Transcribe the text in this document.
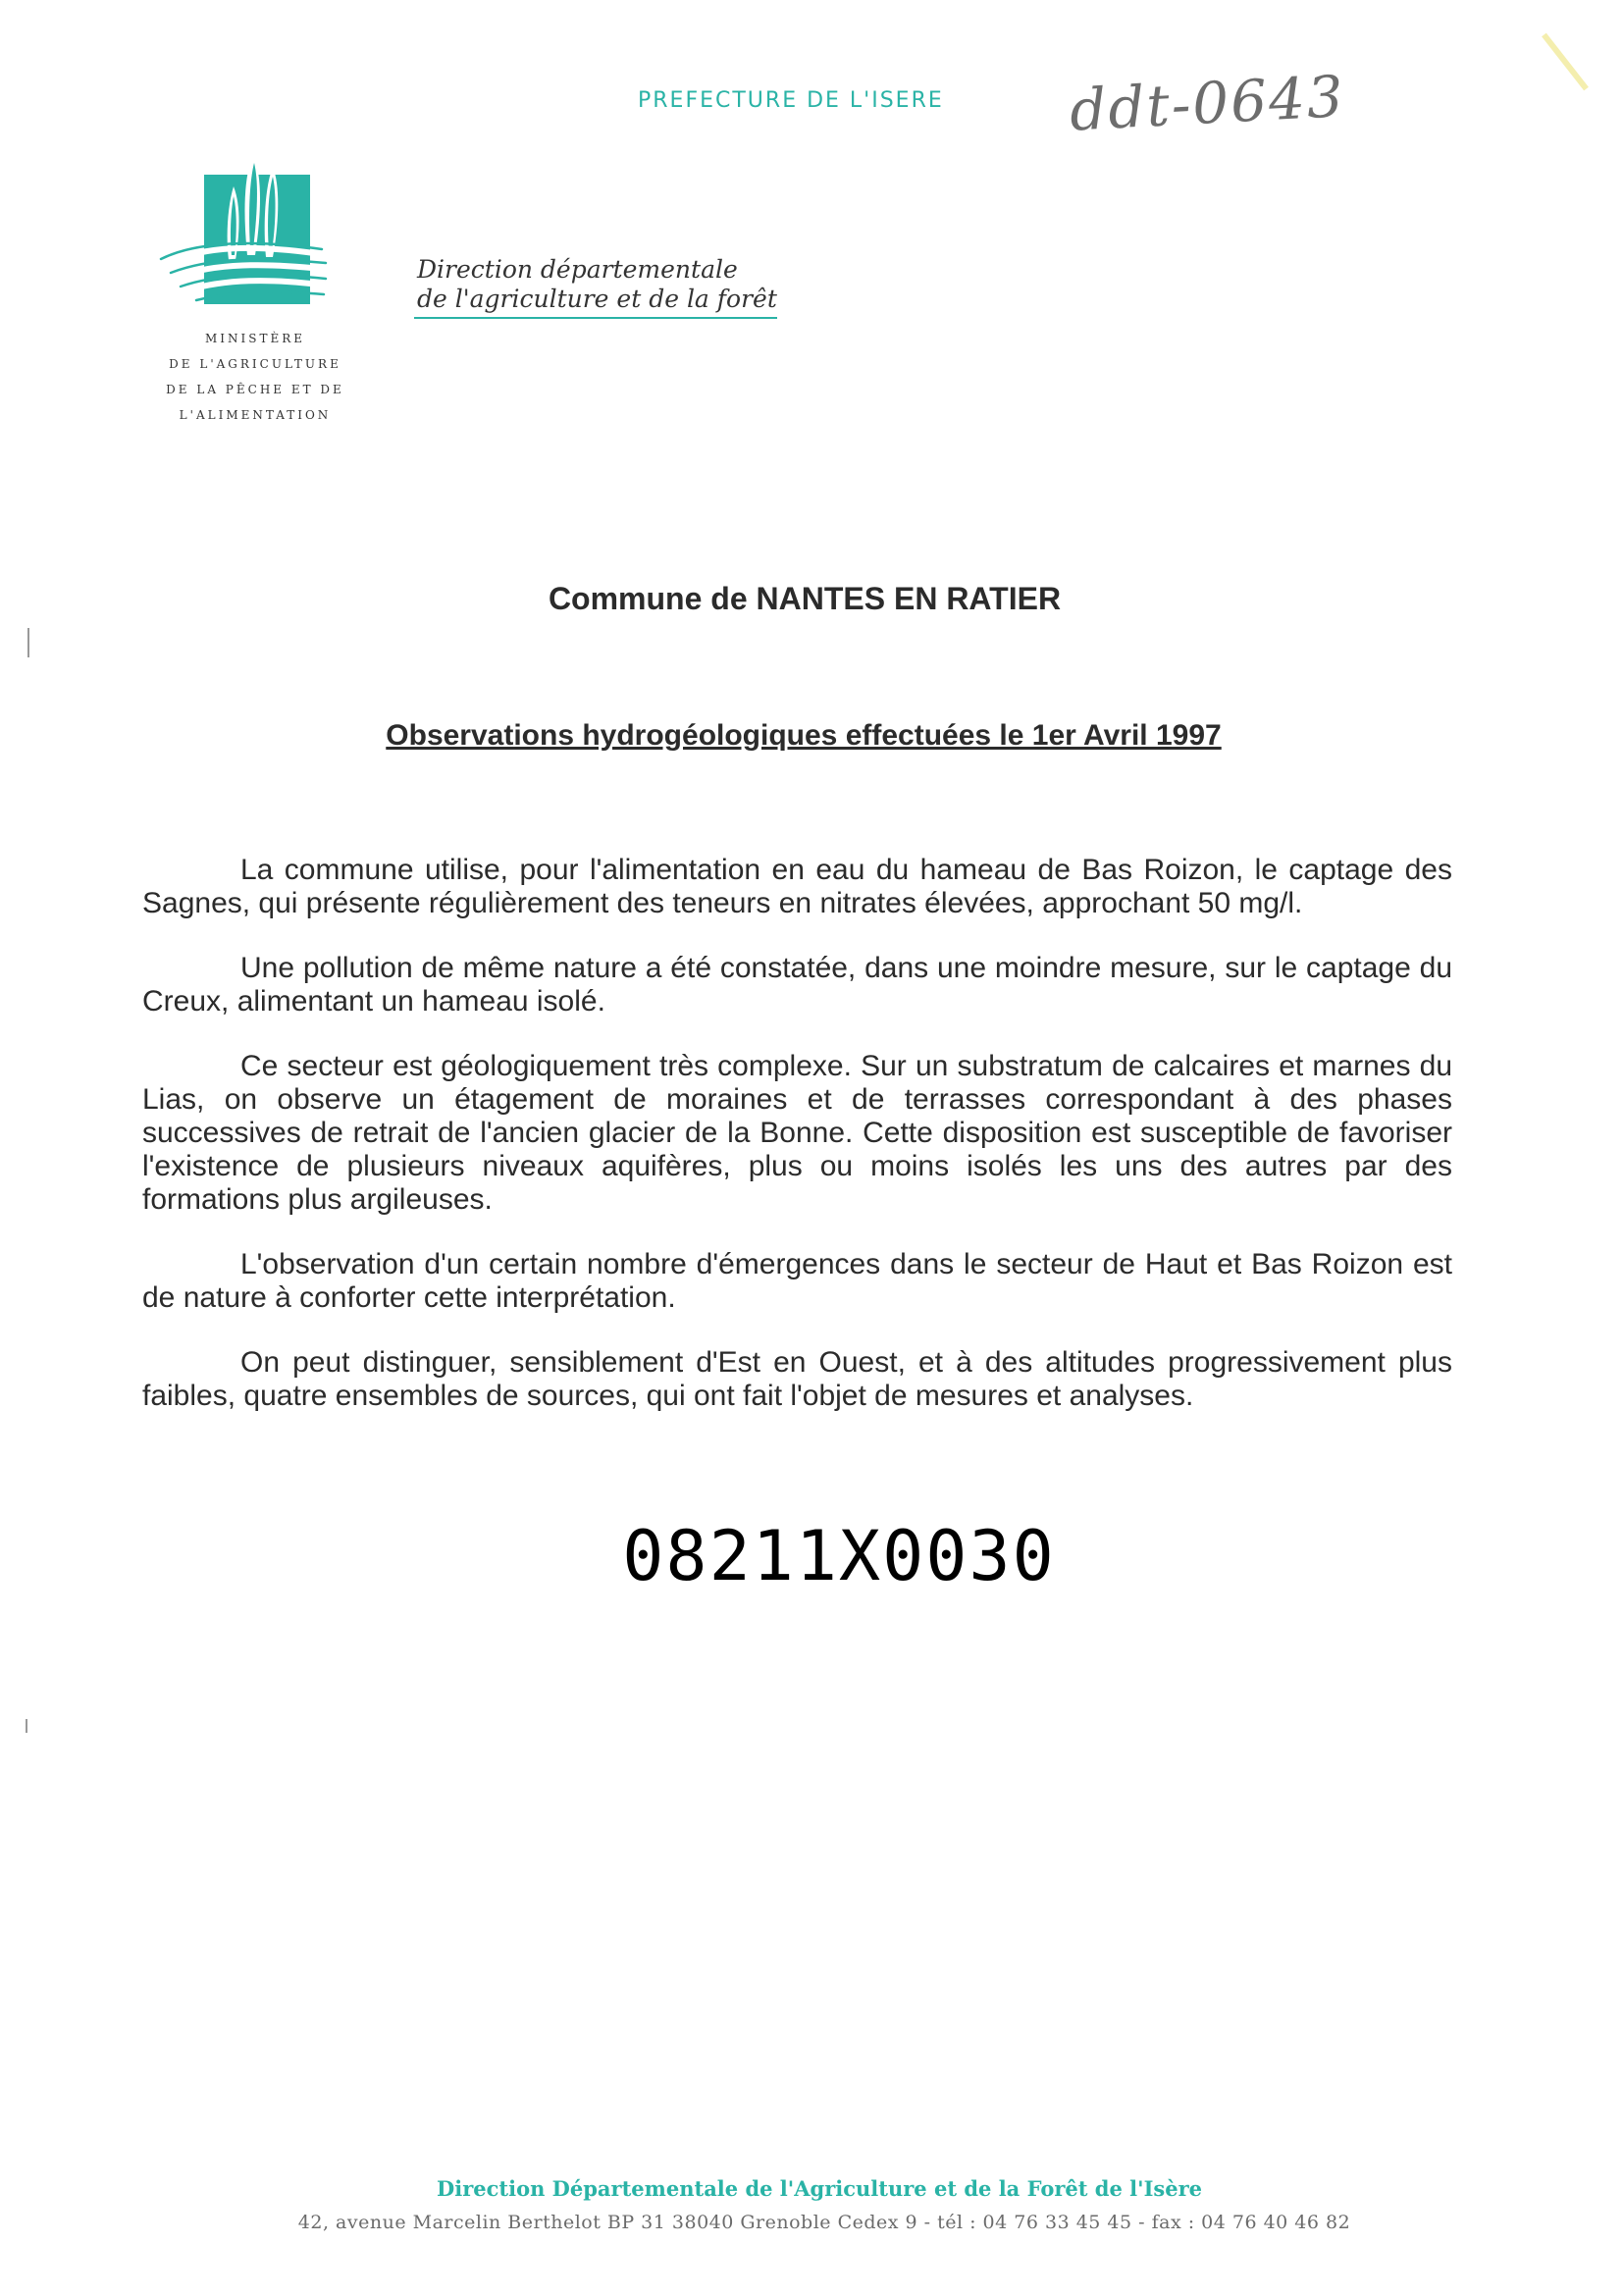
PREFECTURE DE L'ISERE	ddt-0643
MINISTÈRE
DE L'AGRICULTURE
DE LA PÊCHE ET DE
L'ALIMENTATION
Direction départementale
de l'agriculture et de la forêt
Commune de NANTES EN RATIER
Observations hydrogéologiques effectuées le 1er Avril 1997

La commune utilise, pour l'alimentation en eau du hameau de Bas Roizon, le captage des Sagnes, qui présente régulièrement des teneurs en nitrates élevées, approchant 50 mg/l.

Une pollution de même nature a été constatée, dans une moindre mesure, sur le captage du Creux, alimentant un hameau isolé.

Ce secteur est géologiquement très complexe. Sur un substratum de calcaires et marnes du Lias, on observe un étagement de moraines et de terrasses correspondant à des phases successives de retrait de l'ancien glacier de la Bonne. Cette disposition est susceptible de favoriser l'existence de plusieurs niveaux aquifères, plus ou moins isolés les uns des autres par des formations plus argileuses.

L'observation d'un certain nombre d'émergences dans le secteur de Haut et Bas Roizon est de nature à conforter cette interprétation.

On peut distinguer, sensiblement d'Est en Ouest, et à des altitudes progressivement plus faibles, quatre ensembles de sources, qui ont fait l'objet de mesures et analyses.

08211X0030
Direction Départementale de l'Agriculture et de la Forêt de l'Isère
42, avenue Marcelin Berthelot BP 31 38040 Grenoble Cedex 9 - tél : 04 76 33 45 45 - fax : 04 76 40 46 82
